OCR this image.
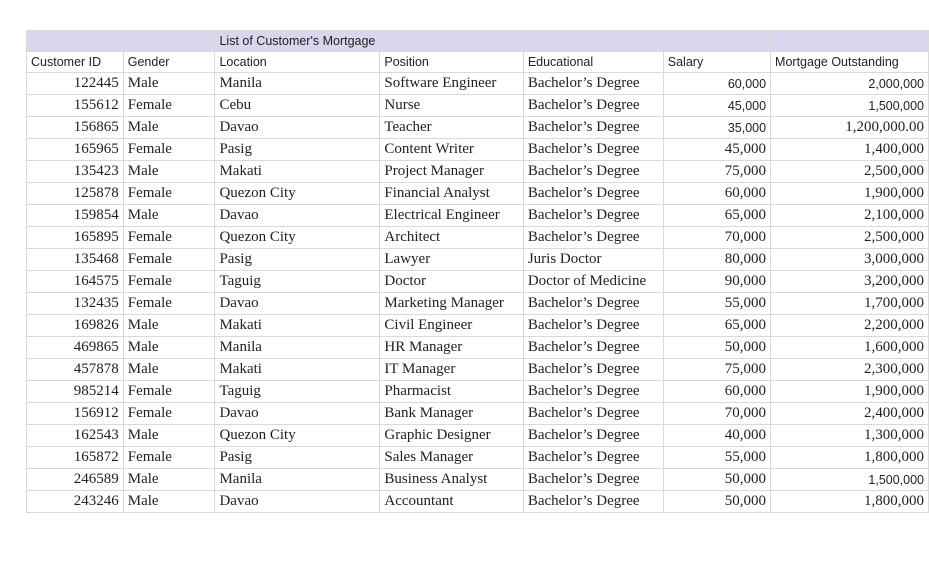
		List of Customer's Mortgage				
Customer ID	Gender	Location	Position	Educational	Salary	Mortgage Outstanding
122445	Male	Manila	Software Engineer	Bachelor’s Degree	60,000	2,000,000
155612	Female	Cebu	Nurse	Bachelor’s Degree	45,000	1,500,000
156865	Male	Davao	Teacher	Bachelor’s Degree	35,000	1,200,000.00
165965	Female	Pasig	Content Writer	Bachelor’s Degree	45,000	1,400,000
135423	Male	Makati	Project Manager	Bachelor’s Degree	75,000	2,500,000
125878	Female	Quezon City	Financial Analyst	Bachelor’s Degree	60,000	1,900,000
159854	Male	Davao	Electrical Engineer	Bachelor’s Degree	65,000	2,100,000
165895	Female	Quezon City	Architect	Bachelor’s Degree	70,000	2,500,000
135468	Female	Pasig	Lawyer	Juris Doctor	80,000	3,000,000
164575	Female	Taguig	Doctor	Doctor of Medicine	90,000	3,200,000
132435	Female	Davao	Marketing Manager	Bachelor’s Degree	55,000	1,700,000
169826	Male	Makati	Civil Engineer	Bachelor’s Degree	65,000	2,200,000
469865	Male	Manila	HR Manager	Bachelor’s Degree	50,000	1,600,000
457878	Male	Makati	IT Manager	Bachelor’s Degree	75,000	2,300,000
985214	Female	Taguig	Pharmacist	Bachelor’s Degree	60,000	1,900,000
156912	Female	Davao	Bank Manager	Bachelor’s Degree	70,000	2,400,000
162543	Male	Quezon City	Graphic Designer	Bachelor’s Degree	40,000	1,300,000
165872	Female	Pasig	Sales Manager	Bachelor’s Degree	55,000	1,800,000
246589	Male	Manila	Business Analyst	Bachelor’s Degree	50,000	1,500,000
243246	Male	Davao	Accountant	Bachelor’s Degree	50,000	1,800,000
